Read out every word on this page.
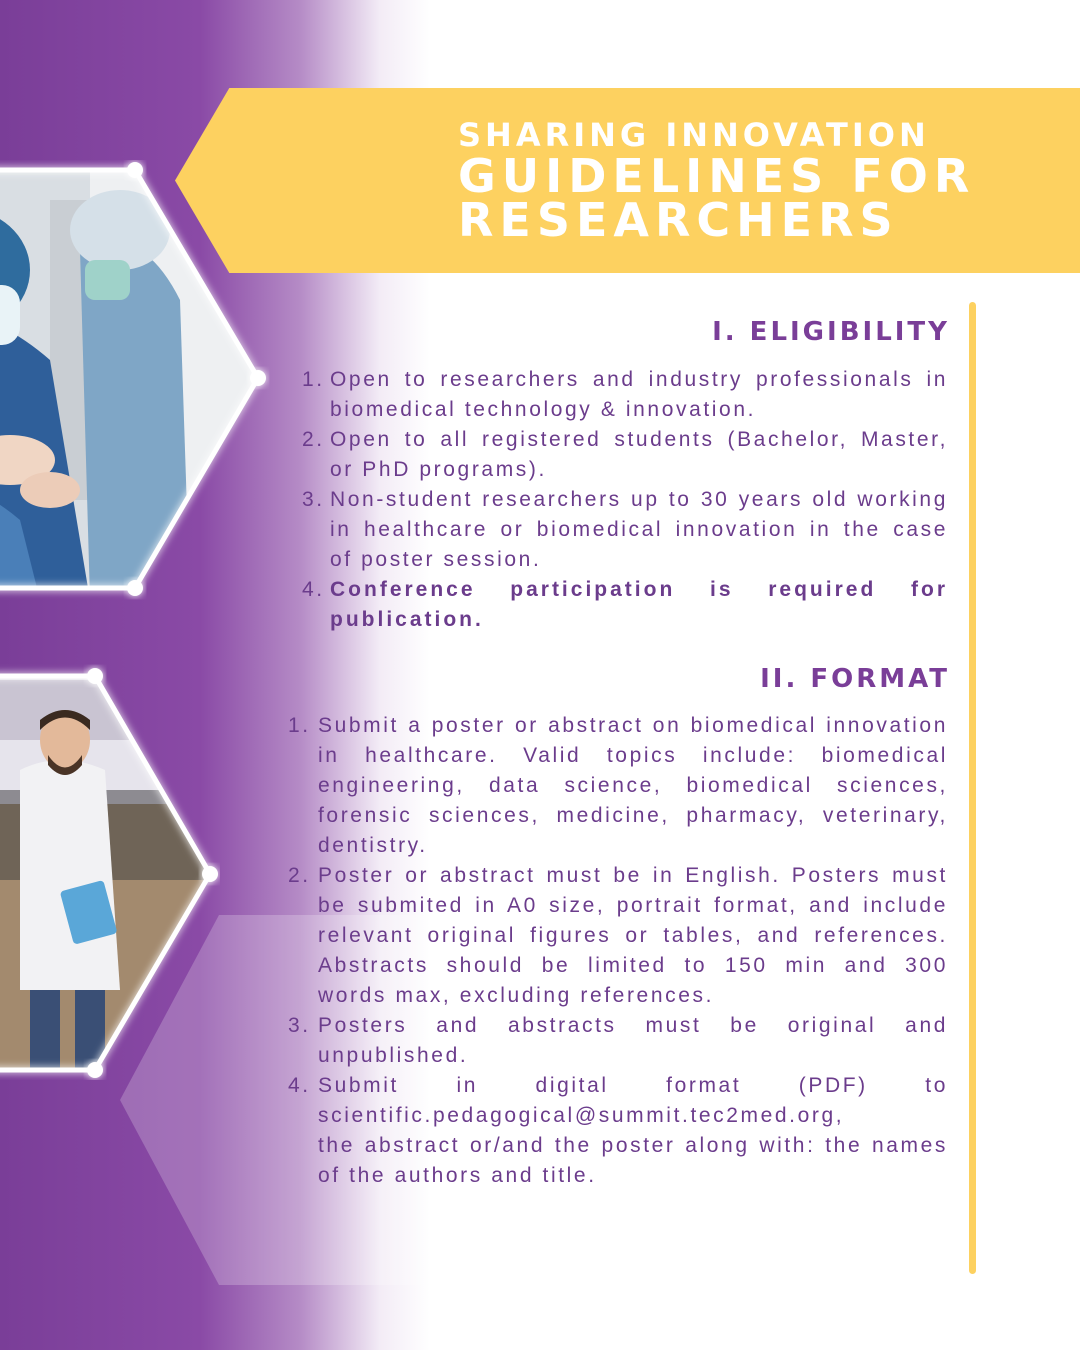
SHARING INNOVATION
GUIDELINES FOR
RESEARCHERS
I. ELIGIBILITY
1. Open to researchers and industry professionals in biomedical technology & innovation.
2. Open to all registered students (Bachelor, Master, or PhD programs).
3. Non-student researchers up to 30 years old working in healthcare or biomedical innovation in the case of poster session.
4. Conference participation is required for publication.
II. FORMAT
1. Submit a poster or abstract on biomedical innovation in healthcare. Valid topics include: biomedical engineering, data science, biomedical sciences, forensic sciences, medicine, pharmacy, veterinary, dentistry.
2. Poster or abstract must be in English. Posters must be submited in A0 size, portrait format, and include relevant original figures or tables, and references. Abstracts should be limited to 150 min and 300 words max, excluding references.
3. Posters and abstracts must be original and unpublished.
4. Submit in digital format (PDF) to
scientific.pedagogical@summit.tec2med.org,
the abstract or/and the poster along with: the names of the authors and title.
